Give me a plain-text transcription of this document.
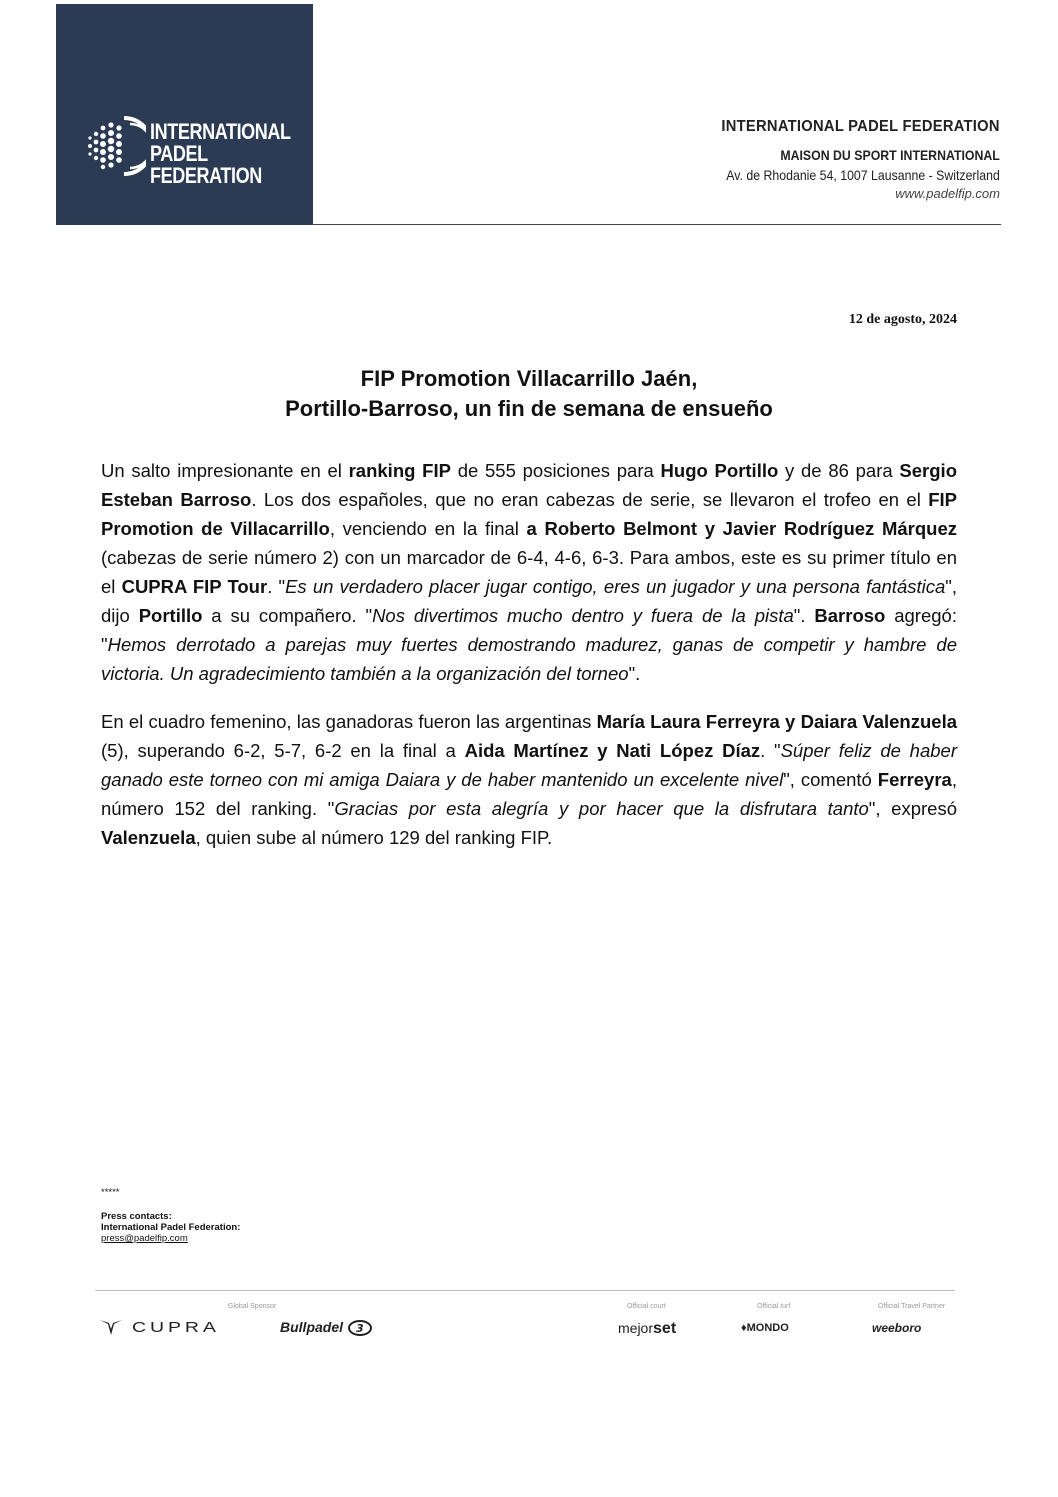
INTERNATIONAL
PADEL
FEDERATION
INTERNATIONAL PADEL FEDERATION
MAISON DU SPORT INTERNATIONAL
Av. de Rhodanie 54, 1007 Lausanne - Switzerland
www.padelfip.com
12 de agosto, 2024
FIP Promotion Villacarrillo Jaén,
Portillo-Barroso, un fin de semana de ensueño

Un salto impresionante en el ranking FIP de 555 posiciones para Hugo Portillo y de 86 para Sergio Esteban Barroso. Los dos españoles, que no eran cabezas de serie, se llevaron el trofeo en el FIP Promotion de Villacarrillo, venciendo en la final a Roberto Belmont y Javier Rodríguez Márquez (cabezas de serie número 2) con un marcador de 6-4, 4-6, 6-3. Para ambos, este es su primer título en el CUPRA FIP Tour. "Es un verdadero placer jugar contigo, eres un jugador y una persona fantástica", dijo Portillo a su compañero. "Nos divertimos mucho dentro y fuera de la pista". Barroso agregó: "Hemos derrotado a parejas muy fuertes demostrando madurez, ganas de competir y hambre de victoria. Un agradecimiento también a la organización del torneo".

En el cuadro femenino, las ganadoras fueron las argentinas María Laura Ferreyra y Daiara Valenzuela (5), superando 6-2, 5-7, 6-2 en la final a Aida Martínez y Nati López Díaz. "Súper feliz de haber ganado este torneo con mi amiga Daiara y de haber mantenido un excelente nivel", comentó Ferreyra, número 152 del ranking. "Gracias por esta alegría y por hacer que la disfrutara tanto", expresó Valenzuela, quien sube al número 129 del ranking FIP.

*****
Press contacts:
International Padel Federation:
press@padelfip.com
Global Sponsor	Official court	Official turf	Official Travel Partner
CUPRA	Bullpadel 3	mejorset	♦MONDO	weeboro
